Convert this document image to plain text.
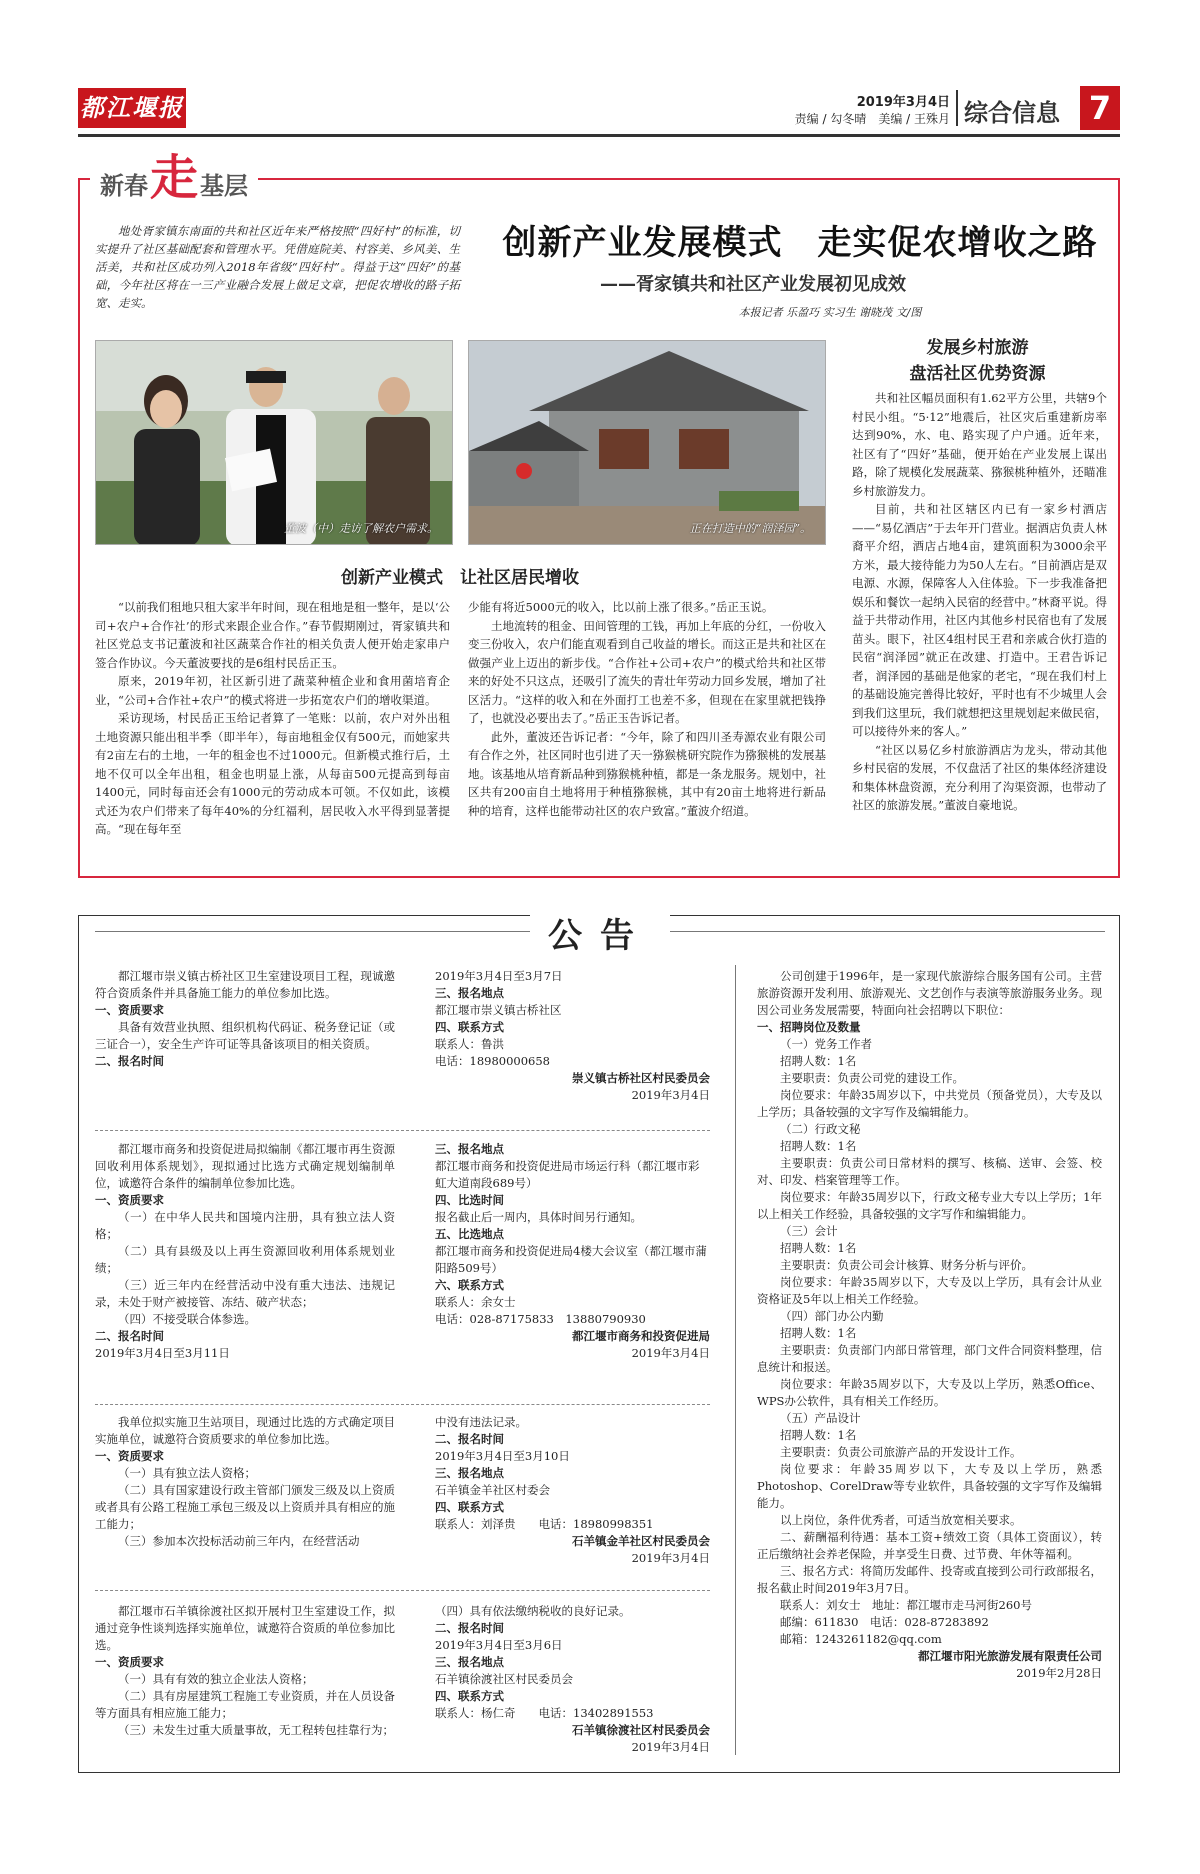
都江堰报	2019年3月4日
责编 / 勾冬晴　美编 / 王殊月 综合信息 7
新春 走 基层

地处胥家镇东南面的共和社区近年来严格按照“四好村”的标准，切实提升了社区基础配套和管理水平。凭借庭院美、村容美、乡风美、生活美，共和社区成功列入2018年省级“四好村”。得益于这“四好”的基础，今年社区将在一三产业融合发展上做足文章，把促农增收的路子拓宽、走实。

创新产业发展模式　走实促农增收之路
——胥家镇共和社区产业发展初见成效
本报记者 乐盈巧 实习生 谢晓茂 文/图
董波（中）走访了解农户需求。	正在打造中的“润泽园”。
创新产业模式　让社区居民增收

“以前我们租地只租大家半年时间，现在租地是租一整年，是以‘公司+农户+合作社’的形式来跟企业合作。”春节假期刚过，胥家镇共和社区党总支书记董波和社区蔬菜合作社的相关负责人便开始走家串户签合作协议。今天董波要找的是6组村民岳正玉。

原来，2019年初，社区新引进了蔬菜种植企业和食用菌培育企业，“公司+合作社+农户”的模式将进一步拓宽农户们的增收渠道。

采访现场，村民岳正玉给记者算了一笔账：以前，农户对外出租土地资源只能出租半季（即半年），每亩地租金仅有500元，而她家共有2亩左右的土地，一年的租金也不过1000元。但新模式推行后，土地不仅可以全年出租，租金也明显上涨，从每亩500元提高到每亩1400元，同时每亩还会有1000元的劳动成本可领。不仅如此，该模式还为农户们带来了每年40%的分红福利，居民收入水平得到显著提高。“现在每年至

少能有将近5000元的收入，比以前上涨了很多。”岳正玉说。

土地流转的租金、田间管理的工钱，再加上年底的分红，一份收入变三份收入，农户们能直观看到自己收益的增长。而这正是共和社区在做强产业上迈出的新步伐。“合作社+公司+农户”的模式给共和社区带来的好处不只这点，还吸引了流失的青壮年劳动力回乡发展，增加了社区活力。“这样的收入和在外面打工也差不多，但现在在家里就把钱挣了，也就没必要出去了。”岳正玉告诉记者。

此外，董波还告诉记者：“今年，除了和四川圣寿源农业有限公司有合作之外，社区同时也引进了天一猕猴桃研究院作为猕猴桃的发展基地。该基地从培育新品种到猕猴桃种植，都是一条龙服务。规划中，社区共有200亩自土地将用于种植猕猴桃，其中有20亩土地将进行新品种的培育，这样也能带动社区的农户致富。”董波介绍道。

发展乡村旅游
盘活社区优势资源

共和社区幅员面积有1.62平方公里，共辖9个村民小组。“5·12”地震后，社区灾后重建新房率达到90%，水、电、路实现了户户通。近年来，社区有了“四好”基础，便开始在产业发展上谋出路，除了规模化发展蔬菜、猕猴桃种植外，还瞄准乡村旅游发力。

目前，共和社区辖区内已有一家乡村酒店——“易亿酒店”于去年开门营业。据酒店负责人林裔平介绍，酒店占地4亩，建筑面积为3000余平方米，最大接待能力为50人左右。“目前酒店是双电源、水源，保障客人入住体验。下一步我准备把娱乐和餐饮一起纳入民宿的经营中。”林裔平说。得益于共带动作用，社区内其他乡村民宿也有了发展苗头。眼下，社区4组村民王君和亲戚合伙打造的民宿“润泽园”就正在改建、打造中。王君告诉记者，润泽园的基础是他家的老宅，“现在我们村上的基础设施完善得比较好，平时也有不少城里人会到我们这里玩，我们就想把这里规划起来做民宿，可以接待外来的客人。”

“社区以易亿乡村旅游酒店为龙头，带动其他乡村民宿的发展，不仅盘活了社区的集体经济建设和集体林盘资源，充分利用了沟渠资源，也带动了社区的旅游发展。”董波自豪地说。

公告
都江堰市崇义镇古桥社区卫生室建设项目工程，现诚邀符合资质条件并具备施工能力的单位参加比选。
一、资质要求
具备有效营业执照、组织机构代码证、税务登记证（或三证合一），安全生产许可证等具备该项目的相关资质。
二、报名时间
2019年3月4日至3月7日
三、报名地点
都江堰市崇义镇古桥社区
四、联系方式
联系人：鲁洪
电话：18980000658
崇义镇古桥社区村民委员会
2019年3月4日
都江堰市商务和投资促进局拟编制《都江堰市再生资源回收利用体系规划》，现拟通过比选方式确定规划编制单位，诚邀符合条件的编制单位参加比选。
一、资质要求
（一）在中华人民共和国境内注册，具有独立法人资格；
（二）具有县级及以上再生资源回收利用体系规划业绩；
（三）近三年内在经营活动中没有重大违法、违规记录，未处于财产被接管、冻结、破产状态；
（四）不接受联合体参选。
二、报名时间
2019年3月4日至3月11日
三、报名地点
都江堰市商务和投资促进局市场运行科（都江堰市彩虹大道南段689号）
四、比选时间
报名截止后一周内，具体时间另行通知。
五、比选地点
都江堰市商务和投资促进局4楼大会议室（都江堰市蒲阳路509号）
六、联系方式
联系人：余女士
电话：028-87175833　13880790930
都江堰市商务和投资促进局
2019年3月4日
我单位拟实施卫生站项目，现通过比选的方式确定项目实施单位，诚邀符合资质要求的单位参加比选。
一、资质要求
（一）具有独立法人资格；
（二）具有国家建设行政主管部门颁发三级及以上资质或者具有公路工程施工承包三级及以上资质并具有相应的施工能力；
（三）参加本次投标活动前三年内，在经营活动
中没有违法记录。
二、报名时间
2019年3月4日至3月10日
三、报名地点
石羊镇金羊社区村委会
四、联系方式
联系人：刘泽贵　　电话：18980998351
石羊镇金羊社区村民委员会
2019年3月4日
都江堰市石羊镇徐渡社区拟开展村卫生室建设工作，拟通过竞争性谈判选择实施单位，诚邀符合资质的单位参加比选。
一、资质要求
（一）具有有效的独立企业法人资格；
（二）具有房屋建筑工程施工专业资质，并在人员设备等方面具有相应施工能力；
（三）未发生过重大质量事故，无工程转包挂靠行为；
（四）具有依法缴纳税收的良好记录。
二、报名时间
2019年3月4日至3月6日
三、报名地点
石羊镇徐渡社区村民委员会
四、联系方式
联系人：杨仁奇　　电话：13402891553
石羊镇徐渡社区村民委员会
2019年3月4日
公司创建于1996年，是一家现代旅游综合服务国有公司。主营旅游资源开发利用、旅游观光、文艺创作与表演等旅游服务业务。现因公司业务发展需要，特面向社会招聘以下职位：
一、招聘岗位及数量
（一）党务工作者
招聘人数：1名
主要职责：负责公司党的建设工作。
岗位要求：年龄35周岁以下，中共党员（预备党员），大专及以上学历；具备较强的文字写作及编辑能力。
（二）行政文秘
招聘人数：1名
主要职责：负责公司日常材料的撰写、核稿、送审、会签、校对、印发、档案管理等工作。
岗位要求：年龄35周岁以下，行政文秘专业大专以上学历；1年以上相关工作经验，具备较强的文字写作和编辑能力。
（三）会计
招聘人数：1名
主要职责：负责公司会计核算、财务分析与评价。
岗位要求：年龄35周岁以下，大专及以上学历，具有会计从业资格证及5年以上相关工作经验。
（四）部门办公内勤
招聘人数：1名
主要职责：负责部门内部日常管理，部门文件合同资料整理，信息统计和报送。
岗位要求：年龄35周岁以下，大专及以上学历，熟悉Office、WPS办公软件，具有相关工作经历。
（五）产品设计
招聘人数：1名
主要职责：负责公司旅游产品的开发设计工作。
岗位要求：年龄35周岁以下，大专及以上学历，熟悉Photoshop、CorelDraw等专业软件，具备较强的文字写作及编辑能力。
以上岗位，条件优秀者，可适当放宽相关要求。
二、薪酬福利待遇：基本工资+绩效工资（具体工资面议），转正后缴纳社会养老保险，并享受生日费、过节费、年休等福利。
三、报名方式：将简历发邮件、投寄或直接到公司行政部报名，报名截止时间2019年3月7日。
联系人：刘女士　地址：都江堰市走马河街260号
邮编：611830　电话：028-87283892
邮箱：1243261182@qq.com
都江堰市阳光旅游发展有限责任公司
2019年2月28日
